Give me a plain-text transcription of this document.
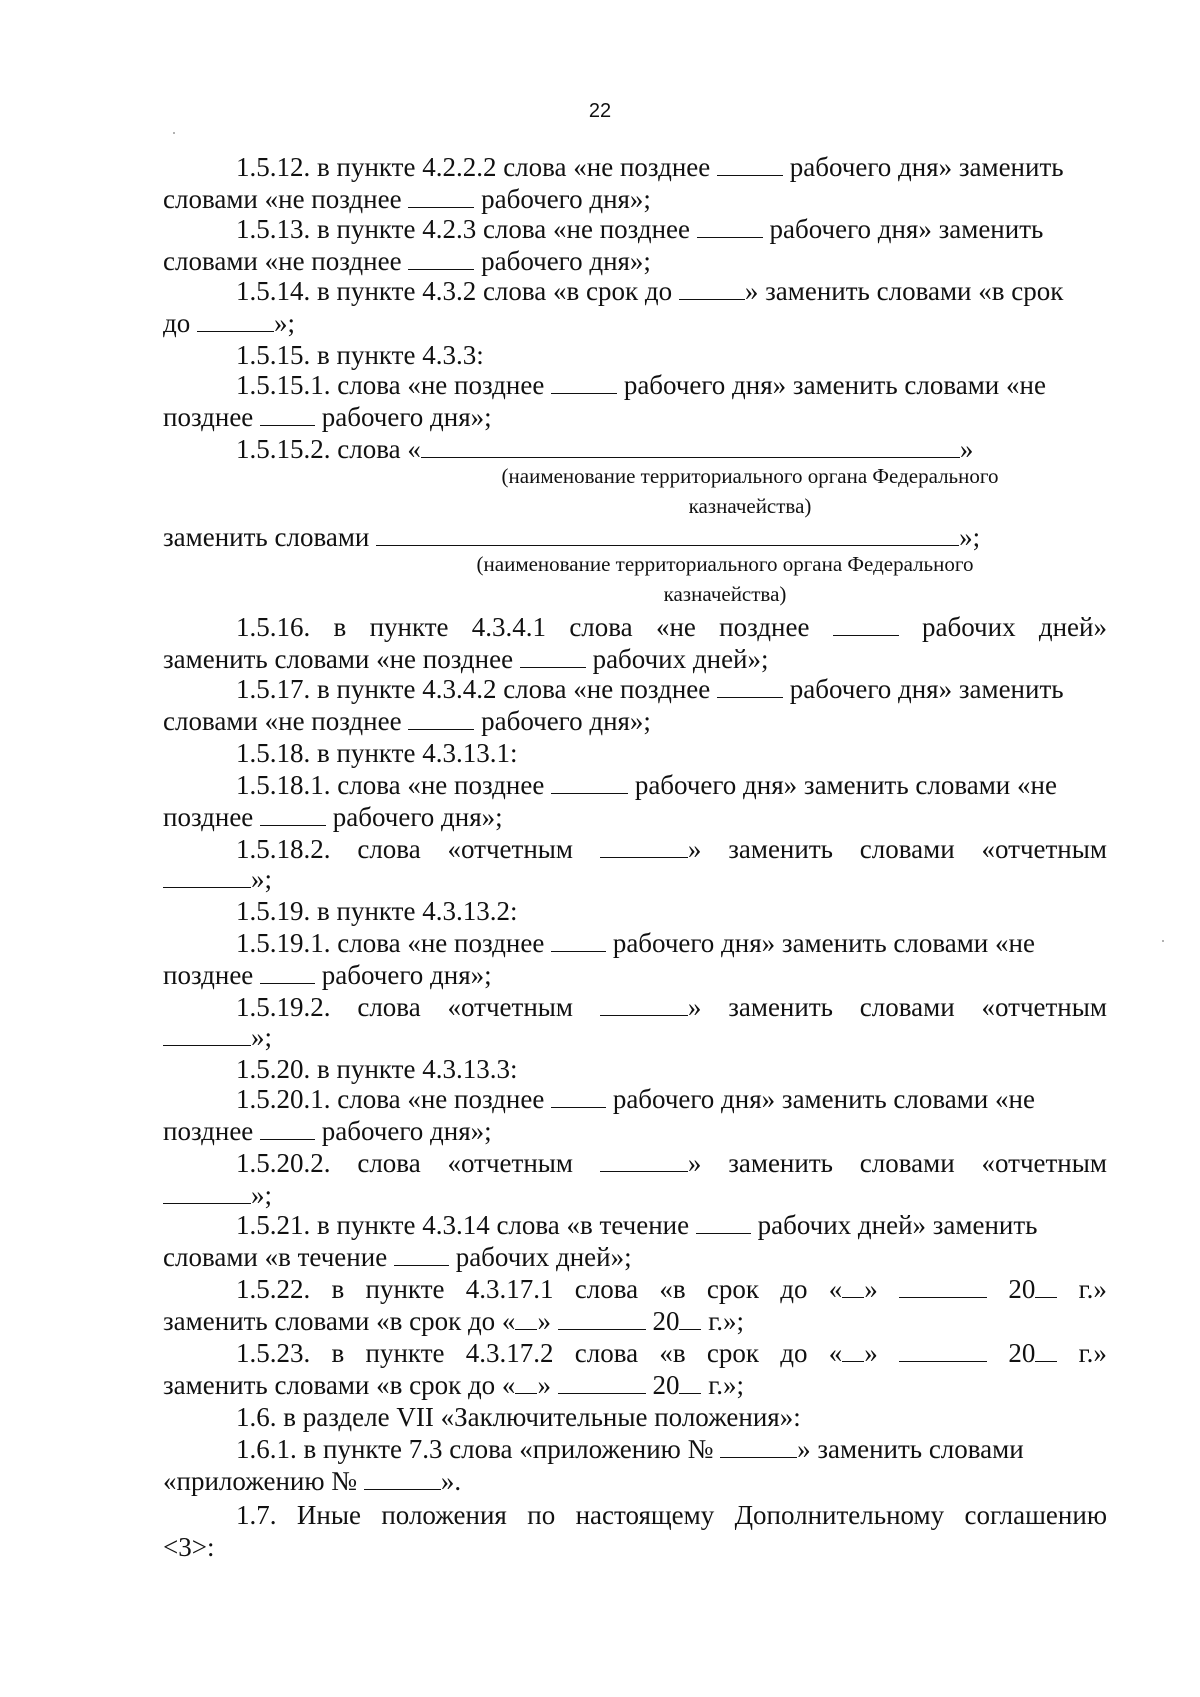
22
1.5.12. в пункте 4.2.2.2 слова «не позднее  рабочего дня» заменить
словами «не позднее  рабочего дня»;
1.5.13. в пункте 4.2.3 слова «не позднее  рабочего дня» заменить
словами «не позднее  рабочего дня»;
1.5.14. в пункте 4.3.2 слова «в срок до » заменить словами «в срок
до	»;
1.5.15. в пункте 4.3.3:
1.5.15.1. слова «не позднее  рабочего дня» заменить словами «не
позднее  рабочего дня»;
1.5.15.2. слова «	»
(наименование территориального органа Федерального
казначейства)
заменить словами	»;
(наименование территориального органа Федерального
казначейства)
1.5.16. в пункте 4.3.4.1 слова «не позднее	рабочих дней»
заменить словами «не позднее  рабочих дней»;
1.5.17. в пункте 4.3.4.2 слова «не позднее  рабочего дня» заменить
словами «не позднее  рабочего дня»;
1.5.18. в пункте 4.3.13.1:
1.5.18.1. слова «не позднее	рабочего дня» заменить словами «не
позднее  рабочего дня»;
1.5.18.2. слова «отчетным	» заменить словами «отчетным
»;
1.5.19. в пункте 4.3.13.2:
1.5.19.1. слова «не позднее  рабочего дня» заменить словами «не
позднее  рабочего дня»;
1.5.19.2. слова «отчетным	» заменить словами «отчетным
»;
1.5.20. в пункте 4.3.13.3:
1.5.20.1. слова «не позднее  рабочего дня» заменить словами «не
позднее  рабочего дня»;
1.5.20.2. слова «отчетным	» заменить словами «отчетным
»;
1.5.21. в пункте 4.3.14 слова «в течение  рабочих дней» заменить
словами «в течение  рабочих дней»;
1.5.22. в пункте 4.3.17.1 слова «в срок до « »	20	г.»
заменить словами «в срок до « »	20 г.»;
1.5.23. в пункте 4.3.17.2 слова «в срок до « »	20	г.»
заменить словами «в срок до « »	20 г.»;
1.6. в разделе VII «Заключительные положения»:
1.6.1. в пункте 7.3 слова «приложению №	» заменить словами
«приложению №	».
1.7. Иные положения по настоящему Дополнительному соглашению
<3>:
